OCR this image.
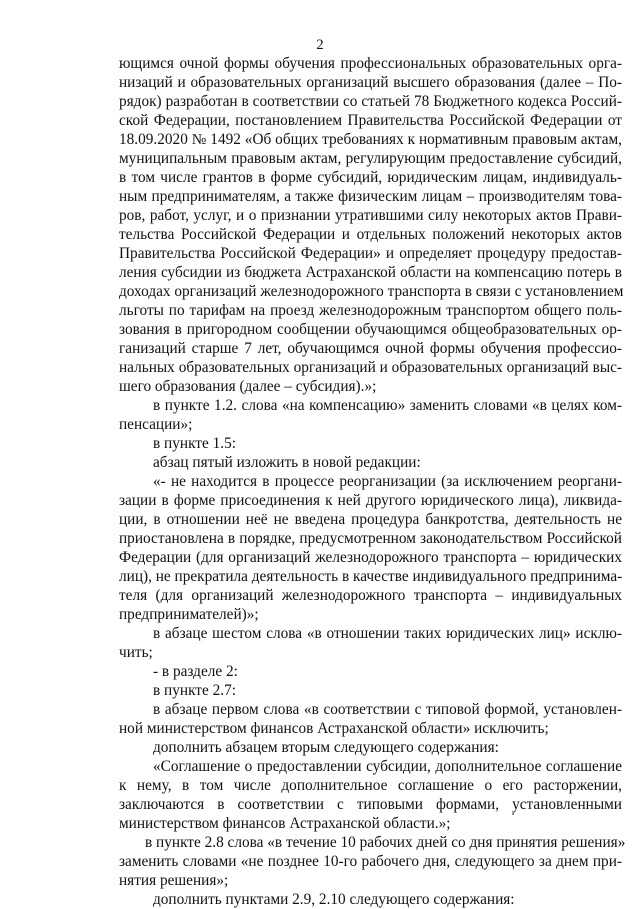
2
ющимся очной формы обучения профессиональных образовательных орга-
низаций и образовательных организаций высшего образования (далее – По-
рядок) разработан в соответствии со статьей 78 Бюджетного кодекса Россий-
ской Федерации, постановлением Правительства Российской Федерации от
18.09.2020 № 1492 «Об общих требованиях к нормативным правовым актам,
муниципальным правовым актам, регулирующим предоставление субсидий,
в том числе грантов в форме субсидий, юридическим лицам, индивидуаль-
ным предпринимателям, а также физическим лицам – производителям това-
ров, работ, услуг, и о признании утратившими силу некоторых актов Прави-
тельства Российской Федерации и отдельных положений некоторых актов
Правительства Российской Федерации» и определяет процедуру предостав-
ления субсидии из бюджета Астраханской области на компенсацию потерь в
доходах организаций железнодорожного транспорта в связи с установлением
льготы по тарифам на проезд железнодорожным транспортом общего поль-
зования в пригородном сообщении обучающимся общеобразовательных ор-
ганизаций старше 7 лет, обучающимся очной формы обучения профессио-
нальных образовательных организаций и образовательных организаций выс-
шего образования (далее – субсидия).»;
в пункте 1.2. слова «на компенсацию» заменить словами «в целях ком-
пенсации»;
в пункте 1.5:
абзац пятый изложить в новой редакции:
«- не находится в процессе реорганизации (за исключением реоргани-
зации в форме присоединения к ней другого юридического лица), ликвида-
ции, в отношении неё не введена процедура банкротства, деятельность не
приостановлена в порядке, предусмотренном законодательством Российской
Федерации (для организаций железнодорожного транспорта – юридических
лиц), не прекратила деятельность в качестве индивидуального предпринима-
теля (для организаций железнодорожного транспорта – индивидуальных
предпринимателей)»;
в абзаце шестом слова «в отношении таких юридических лиц» исклю-
чить;
- в разделе 2:
в пункте 2.7:
в абзаце первом слова «в соответствии с типовой формой, установлен-
ной министерством финансов Астраханской области» исключить;
дополнить абзацем вторым следующего содержания:
«Соглашение о предоставлении субсидии, дополнительное соглашение
к нему, в том числе дополнительное соглашение о его расторжении,
заключаются в соответствии с типовыми формами, установленными
министерством финансов Астраханской области.»;
в пункте 2.8 слова «в течение 10 рабочих дней со дня принятия решения»
заменить словами «не позднее 10-го рабочего дня, следующего за днем при-
нятия решения»;
дополнить пунктами 2.9, 2.10 следующего содержания:
